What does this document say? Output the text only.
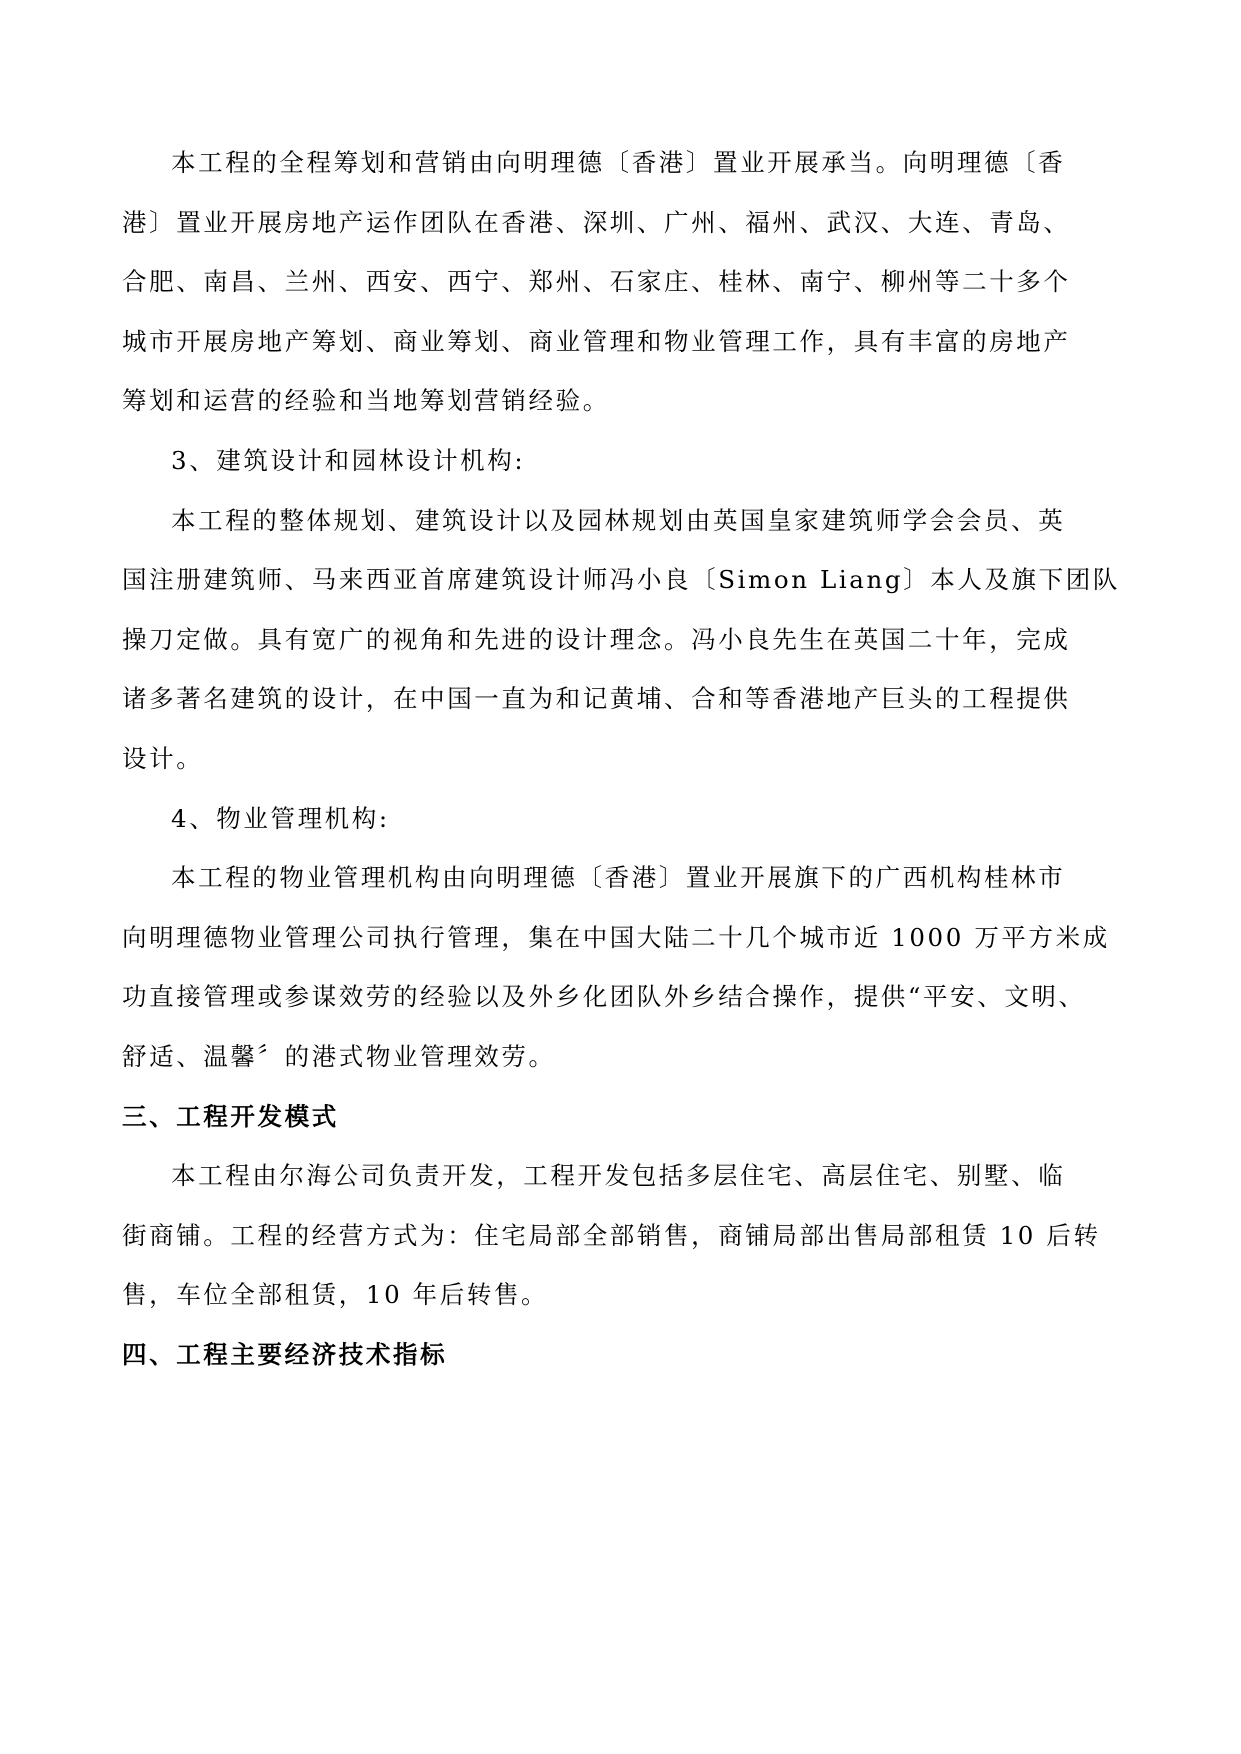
本工程的全程筹划和营销由向明理德〔香港〕置业开展承当。向明理德〔香

港〕置业开展房地产运作团队在香港、深圳、广州、福州、武汉、大连、青岛、

合肥、南昌、兰州、西安、西宁、郑州、石家庄、桂林、南宁、柳州等二十多个

城市开展房地产筹划、商业筹划、商业管理和物业管理工作，具有丰富的房地产

筹划和运营的经验和当地筹划营销经验。

3、建筑设计和园林设计机构:

本工程的整体规划、建筑设计以及园林规划由英国皇家建筑师学会会员、英

国注册建筑师、马来西亚首席建筑设计师冯小良〔Simon Liang〕本人及旗下团队

操刀定做。具有宽广的视角和先进的设计理念。冯小良先生在英国二十年，完成

诸多著名建筑的设计，在中国一直为和记黄埔、合和等香港地产巨头的工程提供

设计。

4、物业管理机构:

本工程的物业管理机构由向明理德〔香港〕置业开展旗下的广西机构桂林市

向明理德物业管理公司执行管理，集在中国大陆二十几个城市近 1000 万平方米成

功直接管理或参谋效劳的经验以及外乡化团队外乡结合操作，提供“平安、文明、

舒适、温馨〞的港式物业管理效劳。

三、工程开发模式

本工程由尔海公司负责开发，工程开发包括多层住宅、高层住宅、别墅、临

街商铺。工程的经营方式为：住宅局部全部销售，商铺局部出售局部租赁 10 后转

售，车位全部租赁，10 年后转售。

四、工程主要经济技术指标
